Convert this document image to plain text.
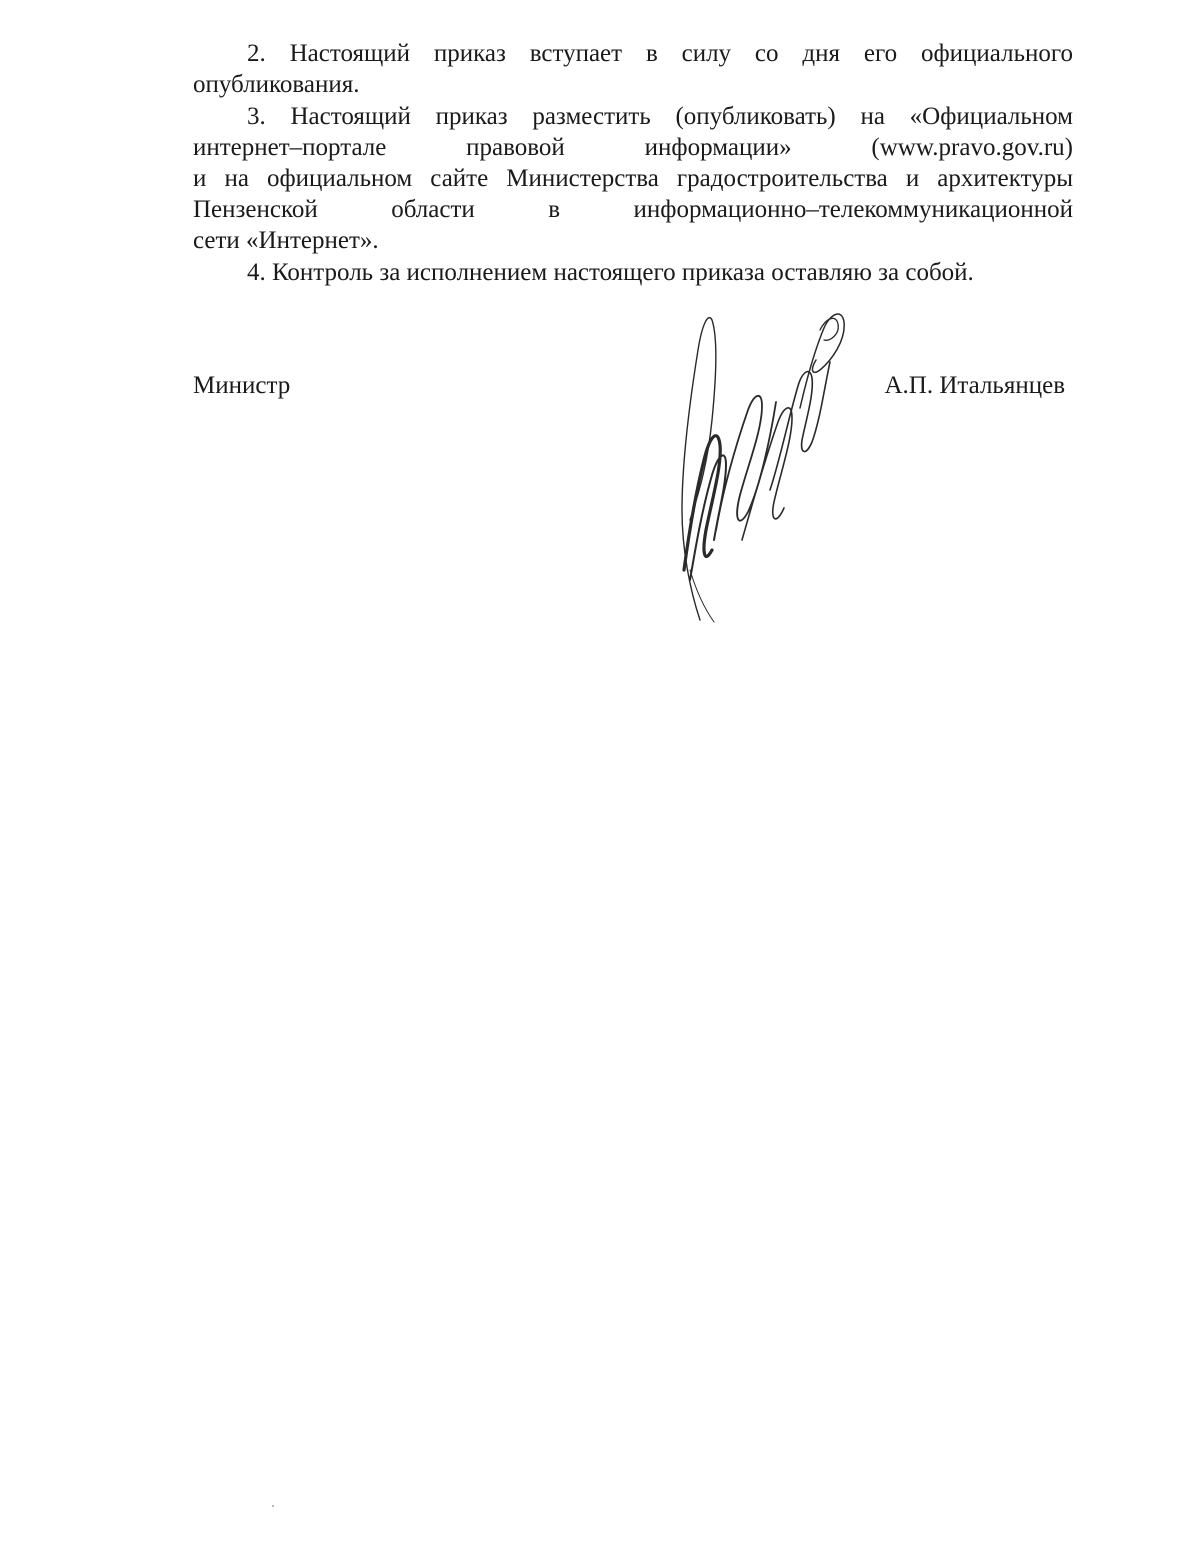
2. Настоящий приказ вступает в силу со дня его официального
опубликования.

3. Настоящий приказ разместить (опубликовать) на «Официальном
интернет–портале правовой информации» (www.pravo.gov.ru)
и на официальном сайте Министерства градостроительства и архитектуры
Пензенской области в информационно–телекоммуникационной
сети «Интернет».

4. Контроль за исполнением настоящего приказа оставляю за собой.

Министр	А.П. Итальянцев
